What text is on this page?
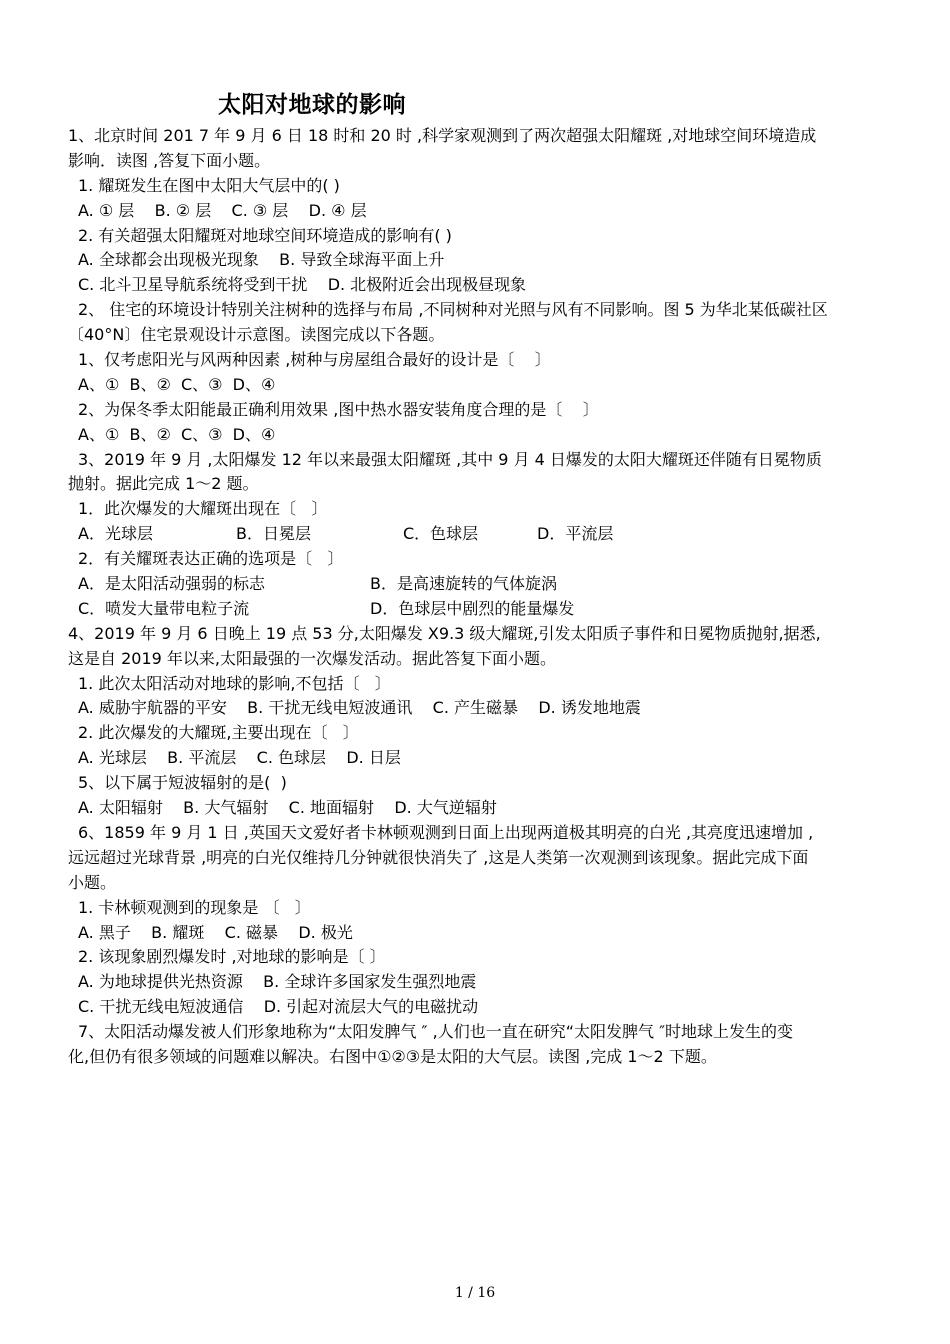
太阳对地球的影响
1、北京时间 201 7 年 9 月 6 日 18 时和 20 时 ,科学家观测到了两次超强太阳耀斑 ,对地球空间环境造成
影响．读图 ,答复下面小题。
1. 耀斑发生在图中太阳大气层中的( )
A. ① 层    B. ② 层    C. ③ 层    D. ④ 层
2. 有关超强太阳耀斑对地球空间环境造成的影响有( )
A. 全球都会出现极光现象    B. 导致全球海平面上升
C. 北斗卫星导航系统将受到干扰    D. 北极附近会出现极昼现象
2、 住宅的环境设计特别关注树种的选择与布局 ,不同树种对光照与风有不同影响。图 5 为华北某低碳社区
〔40°N〕住宅景观设计示意图。读图完成以下各题。
1、仅考虑阳光与风两种因素 ,树种与房屋组合最好的设计是〔    〕
A、①  B、②  C、③  D、④
2、为保冬季太阳能最正确利用效果 ,图中热水器安装角度合理的是〔    〕
A、①  B、②  C、③  D、④
3、2019 年 9 月 ,太阳爆发 12 年以来最强太阳耀斑 ,其中 9 月 4 日爆发的太阳大耀斑还伴随有日冕物质
抛射。据此完成 1～2 题。
1．此次爆发的大耀斑出现在〔   〕
A．光球层	B．日冕层	C．色球层	D．平流层
2．有关耀斑表达正确的选项是〔   〕
A．是太阳活动强弱的标志	B．是高速旋转的气体旋涡
C．喷发大量带电粒子流	D．色球层中剧烈的能量爆发
4、2019 年 9 月 6 日晚上 19 点 53 分,太阳爆发 X9.3 级大耀斑,引发太阳质子事件和日冕物质抛射,据悉,
这是自 2019 年以来,太阳最强的一次爆发活动。据此答复下面小题。
1. 此次太阳活动对地球的影响,不包括〔   〕
A. 威胁宇航器的平安    B. 干扰无线电短波通讯    C. 产生磁暴    D. 诱发地地震
2. 此次爆发的大耀斑,主要出现在〔   〕
A. 光球层    B. 平流层    C. 色球层    D. 日层
5、以下属于短波辐射的是(  )
A. 太阳辐射    B. 大气辐射    C. 地面辐射    D. 大气逆辐射
6、1859 年 9 月 1 日 ,英国天文爱好者卡林顿观测到日面上出现两道极其明亮的白光 ,其亮度迅速增加 ,
远远超过光球背景 ,明亮的白光仅维持几分钟就很快消失了 ,这是人类第一次观测到该现象。据此完成下面
小题。
1. 卡林顿观测到的现象是 〔   〕
A. 黑子    B. 耀斑    C. 磁暴    D. 极光
2. 该现象剧烈爆发时 ,对地球的影响是〔 〕
A. 为地球提供光热资源    B. 全球许多国家发生强烈地震
C. 干扰无线电短波通信    D. 引起对流层大气的电磁扰动
7、太阳活动爆发被人们形象地称为“太阳发脾气 ″ ,人们也一直在研究“太阳发脾气 ″时地球上发生的变
化,但仍有很多领域的问题难以解决。右图中①②③是太阳的大气层。读图 ,完成 1～2 下题。
1 / 16
